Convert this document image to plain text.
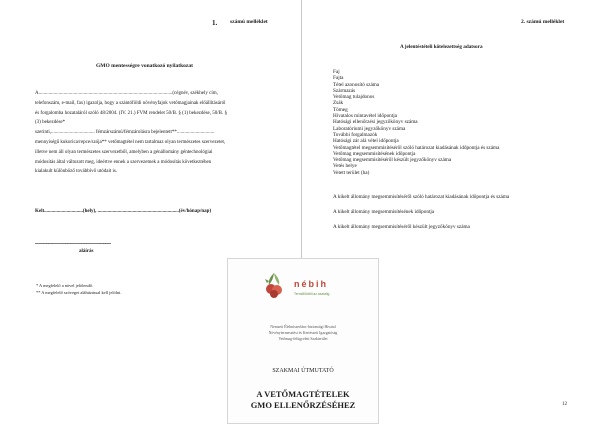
1. számú melléklet
GMO mentességre vonatkozó nyilatkozat
A...........................................................................................................(cégnév, székhely cím,
telefonszám, e-mail, fax) igazolja, hogy a szántóföldi növényfajok vetőmagjainak előállításáról
és forgalomba hozataláról szóló 48/2004. (IV. 21.) FVM rendelet 50/B. § (1) bekezdése, 50/B. §
(3) bekezdése*
szerinti,................................... fémzárszámú/fémzárolásra bejelentett**..............................
mennyiségű kukorica/repce/szója** vetőmagtétel nem tartalmaz olyan természetes szervezetet,
illetve nem áll olyan természetes szervezetből, amelyben a génállomány géntechnológiai
módosítás által változott meg, ideértve ennek a szervezetnek a módosítás következtében
kialakult különböző továbbívő utódait is.
Kelt...............................(hely), .................................................................(év/hónap/nap)
................................................................................
aláírás
* A megfelelő a növel jelölendő.
** A megfelelő szöveget aláhúzással kell jelölni.
2. számú melléklet
A jelentéstételi kötelezettség adatsora
Faj
Fajta
Tétel azonosító száma
Származás
Vetőmag tulajdonos
Zsák
Tömeg
Hivatalos mintavétel időpontja
Hatósági ellenőrzési jegyzőkönyv száma
Laboratóriumi jegyzőkönyv száma
További forgalmazók
Hatósági zár alá vétel időpontja
Vetőmagtétel megsemmisítéséről szóló határozat kiadásának időpontja és száma
Vetőmag megsemmisítésének időpontja
Vetőmag megsemmisítéséről készült jegyzőkönyv száma
Vetés helye
Vetett terület (ha)
A kikelt állomány megsemmisítéséről szóló határozat kiadásának időpontja és száma
A kikelt állomány megsemmisítésének időpontja
A kikelt állomány megsemmisítéséről készült jegyzőkönyv száma
nébih
Termőföldtől az asztalig
Nemzeti Élelmiszerlánc-biztonsági Hivatal
Növénytermesztési és Kertészeti Igazgatóság
Vetőmag-felügyeleti Szakterület
SZAKMAI ÚTMUTATÓ
A VETŐMAGTÉTELEK
GMO ELLENŐRZÉSÉHEZ	12
